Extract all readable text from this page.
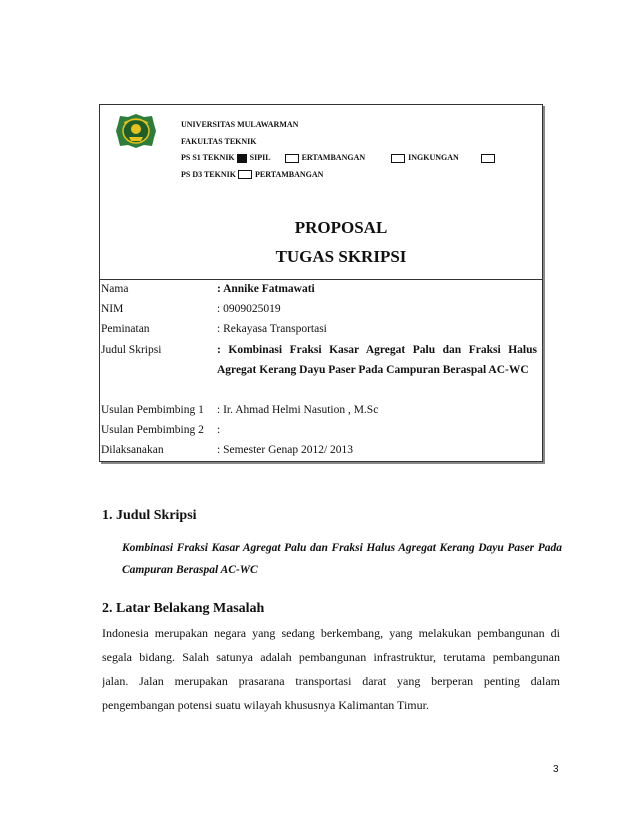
UNIVERSITAS MULAWARMAN
FAKULTAS TEKNIK
PS S1 TEKNIK SIPIL	ERTAMBANGAN	INGKUNGAN
PS D3 TEKNIK PERTAMBANGAN
PROPOSAL
TUGAS SKRIPSI
Nama	: Annike Fatmawati
NIM	: 0909025019
Peminatan	: Rekayasa Transportasi
Judul Skripsi	: Kombinasi Fraksi Kasar Agregat Palu dan Fraksi Halus
Agregat Kerang Dayu Paser Pada Campuran Beraspal AC-WC
Usulan Pembimbing 1 : Ir. Ahmad Helmi Nasution , M.Sc
Usulan Pembimbing 2 :
Dilaksanakan	: Semester Genap 2012/ 2013
1. Judul Skripsi
Kombinasi Fraksi Kasar Agregat Palu dan Fraksi Halus Agregat Kerang Dayu Paser Pada
Campuran Beraspal AC-WC
2. Latar Belakang Masalah
Indonesia merupakan negara yang sedang berkembang, yang melakukan pembangunan di
segala bidang. Salah satunya adalah pembangunan infrastruktur, terutama pembangunan
jalan. Jalan merupakan prasarana transportasi darat yang berperan penting dalam
pengembangan potensi suatu wilayah khususnya Kalimantan Timur.
3
